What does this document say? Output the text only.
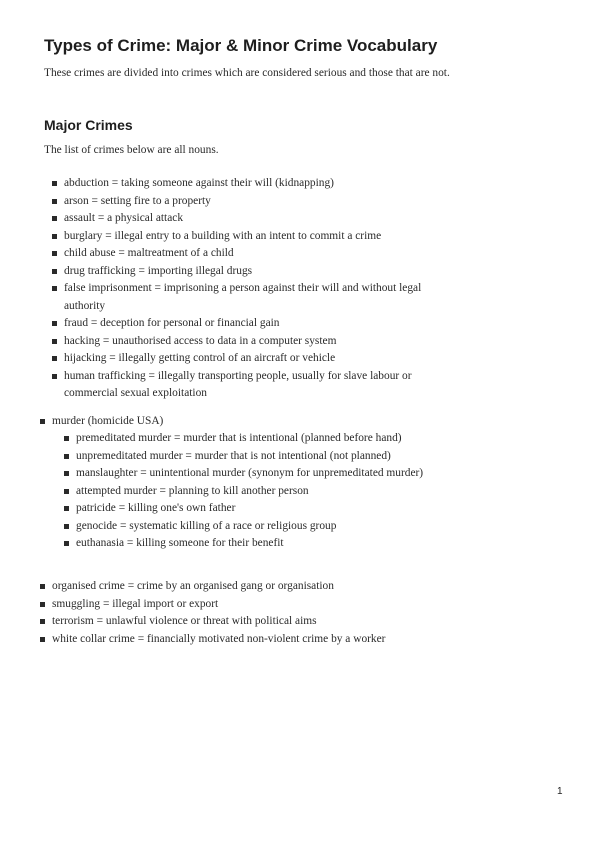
Types of Crime: Major & Minor Crime Vocabulary

These crimes are divided into crimes which are considered serious and those that are not.

Major Crimes

The list of crimes below are all nouns.

abduction = taking someone against their will (kidnapping)
arson = setting fire to a property
assault = a physical attack
burglary = illegal entry to a building with an intent to commit a crime
child abuse = maltreatment of a child
drug trafficking = importing illegal drugs
false imprisonment = imprisoning a person against their will and without legal authority
fraud = deception for personal or financial gain
hacking = unauthorised access to data in a computer system
hijacking = illegally getting control of an aircraft or vehicle
human trafficking = illegally transporting people, usually for slave labour or commercial sexual exploitation
murder (homicide USA)
premeditated murder = murder that is intentional (planned before hand)
unpremeditated murder = murder that is not intentional (not planned)
manslaughter = unintentional murder (synonym for unpremeditated murder)
attempted murder = planning to kill another person
patricide = killing one's own father
genocide = systematic killing of a race or religious group
euthanasia = killing someone for their benefit
organised crime = crime by an organised gang or organisation
smuggling = illegal import or export
terrorism = unlawful violence or threat with political aims
white collar crime = financially motivated non-violent crime by a worker

1
